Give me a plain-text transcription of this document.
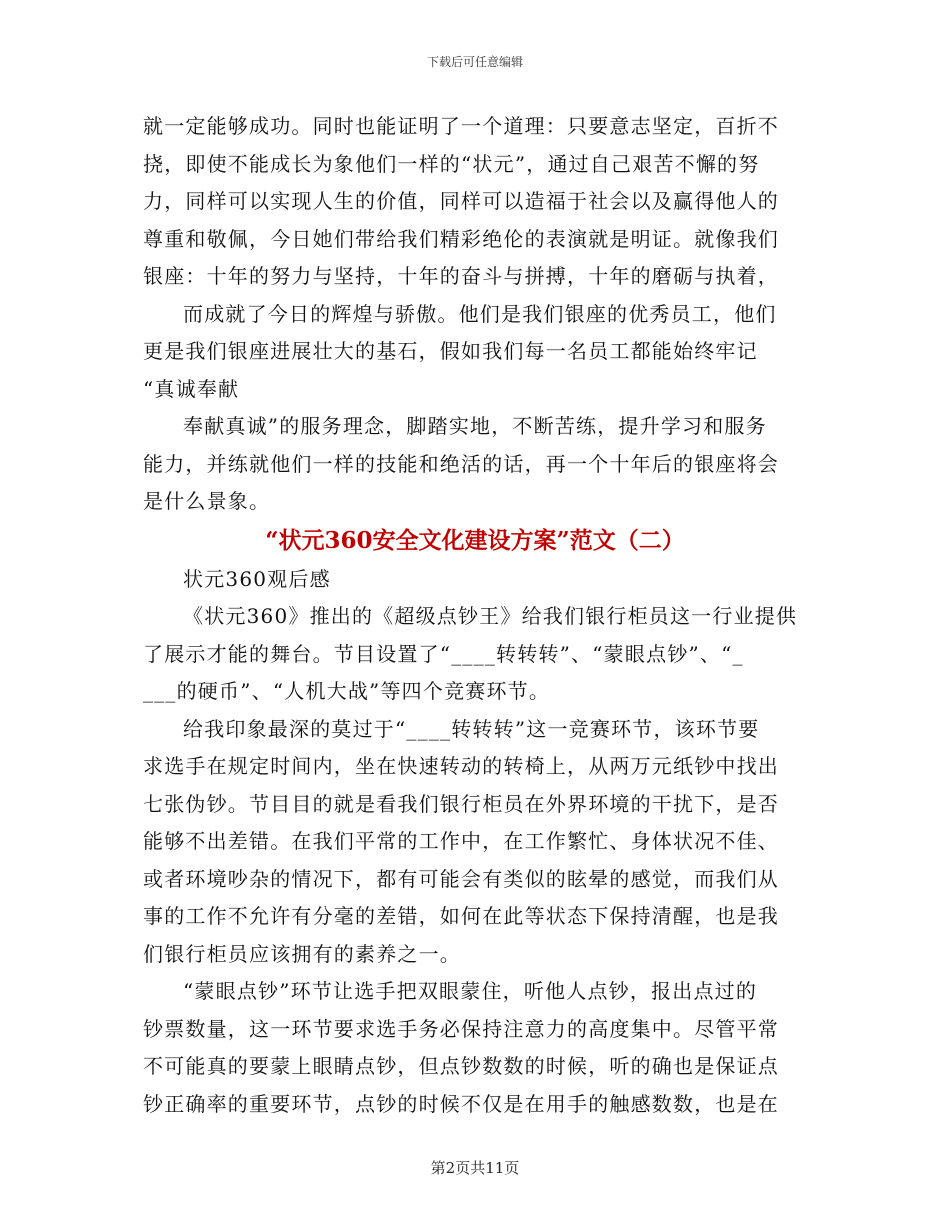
下载后可任意编辑
就一定能够成功。同时也能证明了一个道理：只要意志坚定，百折不
挠，即使不能成长为象他们一样的“状元”，通过自己艰苦不懈的努
力，同样可以实现人生的价值，同样可以造福于社会以及赢得他人的
尊重和敬佩，今日她们带给我们精彩绝伦的表演就是明证。就像我们
银座：十年的努力与坚持，十年的奋斗与拼搏，十年的磨砺与执着，
而成就了今日的辉煌与骄傲。他们是我们银座的优秀员工，他们
更是我们银座进展壮大的基石，假如我们每一名员工都能始终牢记
“真诚奉献
奉献真诚”的服务理念，脚踏实地，不断苦练，提升学习和服务
能力，并练就他们一样的技能和绝活的话，再一个十年后的银座将会
是什么景象。
“状元360安全文化建设方案”范文（二）
状元360观后感
《状元360》推出的《超级点钞王》给我们银行柜员这一行业提供
了展示才能的舞台。节目设置了“____转转转”、“蒙眼点钞”、“_
___的硬币”、“人机大战”等四个竞赛环节。
给我印象最深的莫过于“____转转转”这一竞赛环节，该环节要
求选手在规定时间内，坐在快速转动的转椅上，从两万元纸钞中找出
七张伪钞。节目目的就是看我们银行柜员在外界环境的干扰下，是否
能够不出差错。在我们平常的工作中，在工作繁忙、身体状况不佳、
或者环境吵杂的情况下，都有可能会有类似的眩晕的感觉，而我们从
事的工作不允许有分毫的差错，如何在此等状态下保持清醒，也是我
们银行柜员应该拥有的素养之一。
“蒙眼点钞”环节让选手把双眼蒙住，听他人点钞，报出点过的
钞票数量，这一环节要求选手务必保持注意力的高度集中。尽管平常
不可能真的要蒙上眼睛点钞，但点钞数数的时候，听的确也是保证点
钞正确率的重要环节，点钞的时候不仅是在用手的触感数数，也是在
第2页共11页
